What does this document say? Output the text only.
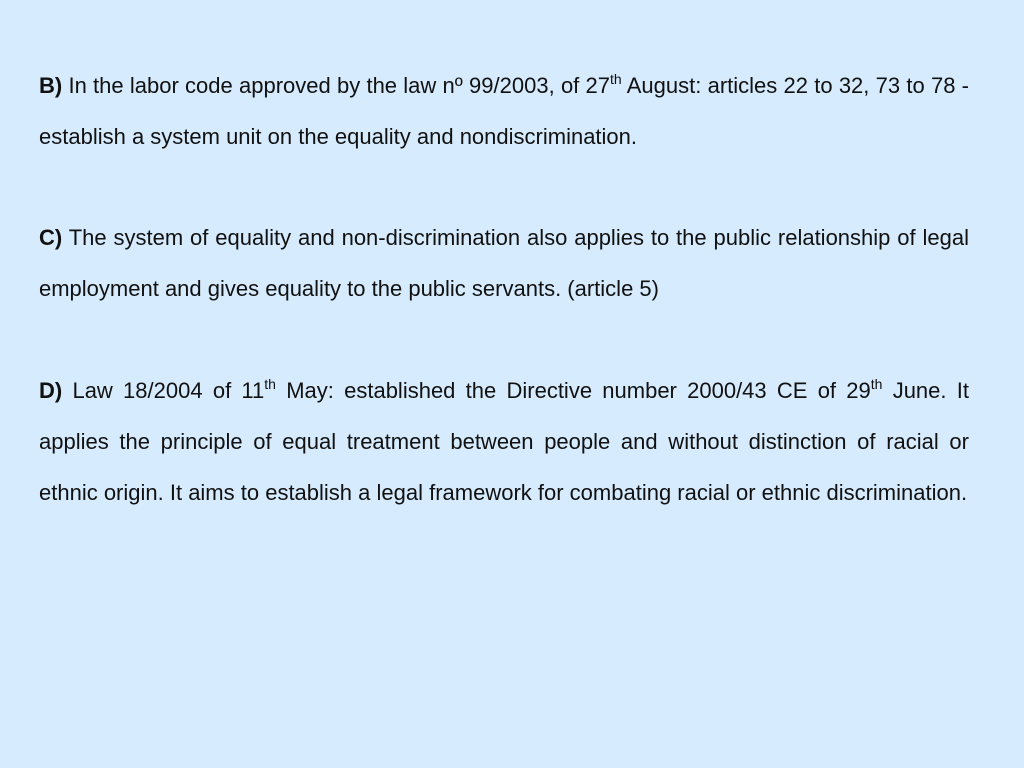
B) In the labor code approved by the law nº 99/2003, of 27th August: articles 22 to 32, 73 to 78 - establish a system unit on the equality and nondiscrimination.

C) The system of equality and non-discrimination also applies to the public relationship of legal employment and gives equality to the public servants. (article 5)

D) Law 18/2004 of 11th May: established the Directive number 2000/43 CE of 29th June. It applies the principle of equal treatment between people and without distinction of racial or ethnic origin. It aims to establish a legal framework for combating racial or ethnic discrimination.
